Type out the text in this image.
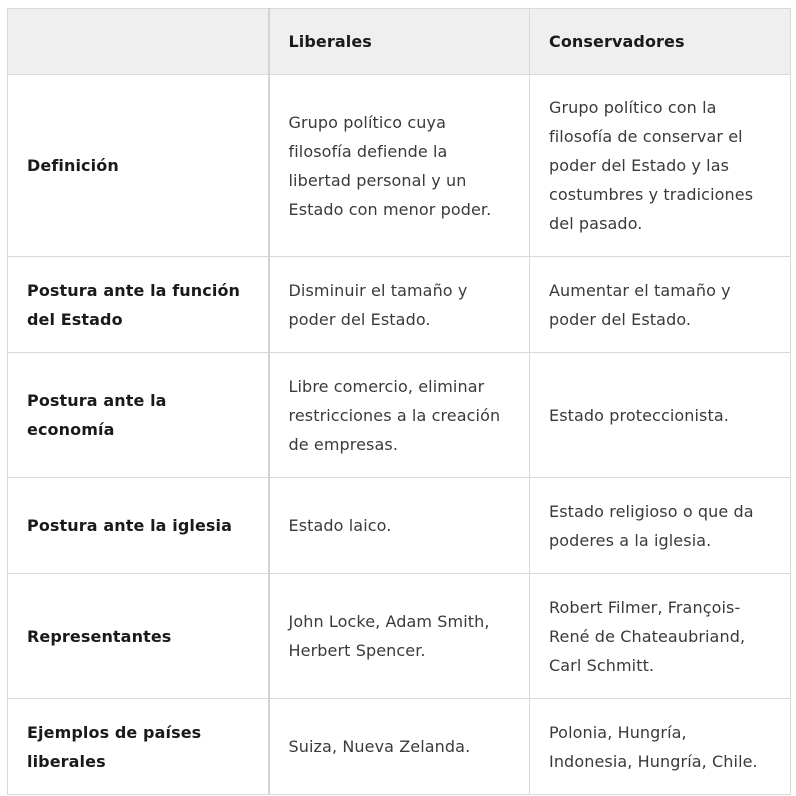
	Liberales	Conservadores
Definición	Grupo político cuya filosofía defiende la libertad personal y un Estado con menor poder.	Grupo político con la filosofía de conservar el poder del Estado y las costumbres y tradiciones del pasado.
Postura ante la función del Estado	Disminuir el tamaño y poder del Estado.	Aumentar el tamaño y poder del Estado.
Postura ante la economía	Libre comercio, eliminar restricciones a la creación de empresas.	Estado proteccionista.
Postura ante la iglesia	Estado laico.	Estado religioso o que da poderes a la iglesia.
Representantes	John Locke, Adam Smith, Herbert Spencer.	Robert Filmer, François-René de Chateaubriand, Carl Schmitt.
Ejemplos de países liberales	Suiza, Nueva Zelanda.	Polonia, Hungría, Indonesia, Hungría, Chile.
